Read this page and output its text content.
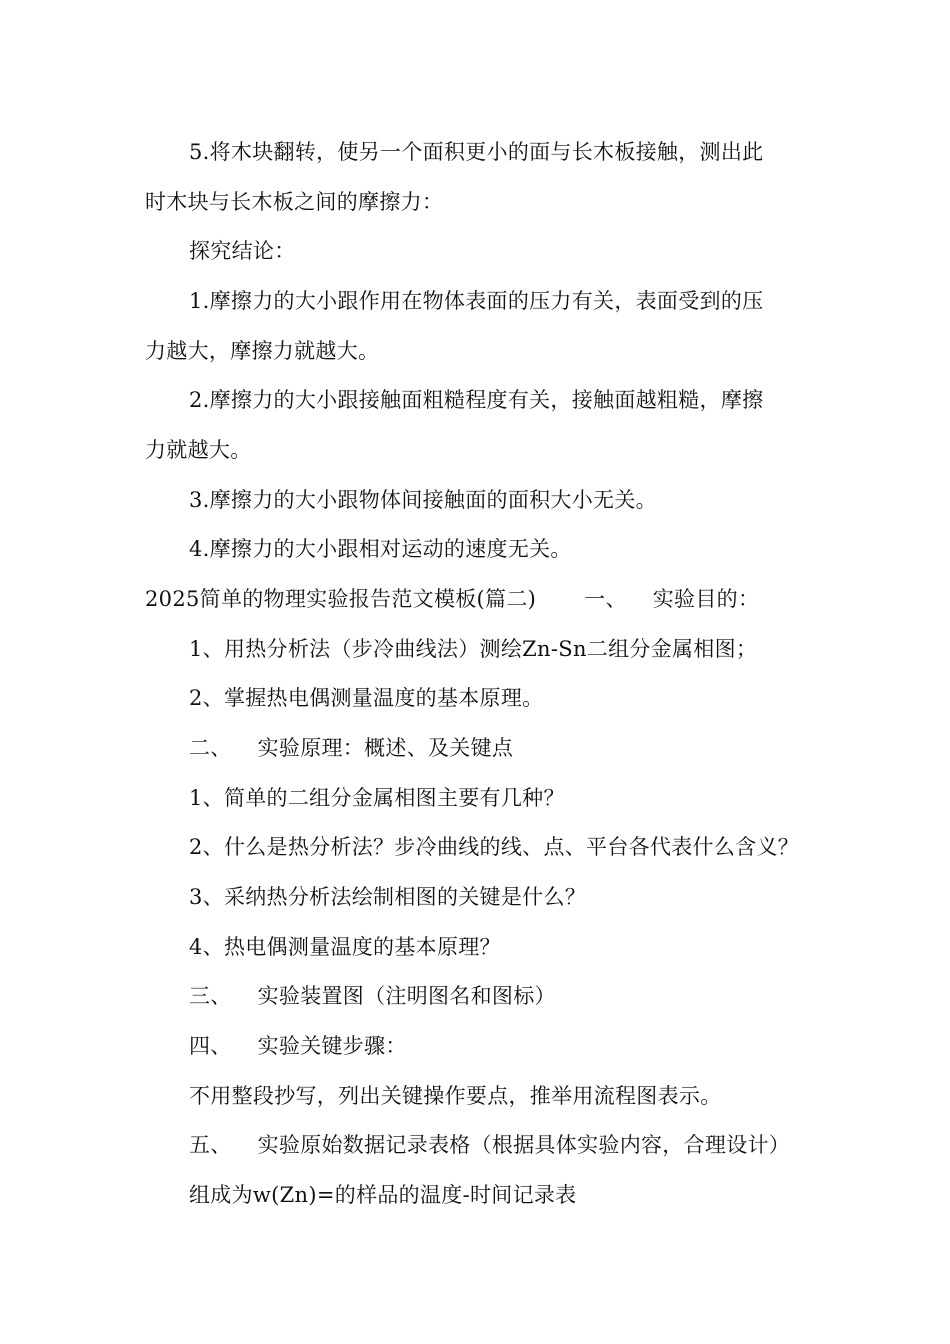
5.将木块翻转，使另一个面积更小的面与长木板接触，测出此
时木块与长木板之间的摩擦力：
探究结论：
1.摩擦力的大小跟作用在物体表面的压力有关，表面受到的压
力越大，摩擦力就越大。
2.摩擦力的大小跟接触面粗糙程度有关，接触面越粗糙，摩擦
力就越大。
3.摩擦力的大小跟物体间接触面的面积大小无关。
4.摩擦力的大小跟相对运动的速度无关。
2025简单的物理实验报告范文模板(篇二) 一、 实验目的：
1、用热分析法（步冷曲线法）测绘Zn-Sn二组分金属相图；
2、掌握热电偶测量温度的基本原理。
二、 实验原理：概述、及关键点
1、简单的二组分金属相图主要有几种？
2、什么是热分析法？步冷曲线的线、点、平台各代表什么含义？
3、采纳热分析法绘制相图的关键是什么？
4、热电偶测量温度的基本原理？
三、 实验装置图（注明图名和图标）
四、 实验关键步骤：
不用整段抄写，列出关键操作要点，推举用流程图表示。
五、 实验原始数据记录表格（根据具体实验内容，合理设计）
组成为w(Zn)=的样品的温度-时间记录表
